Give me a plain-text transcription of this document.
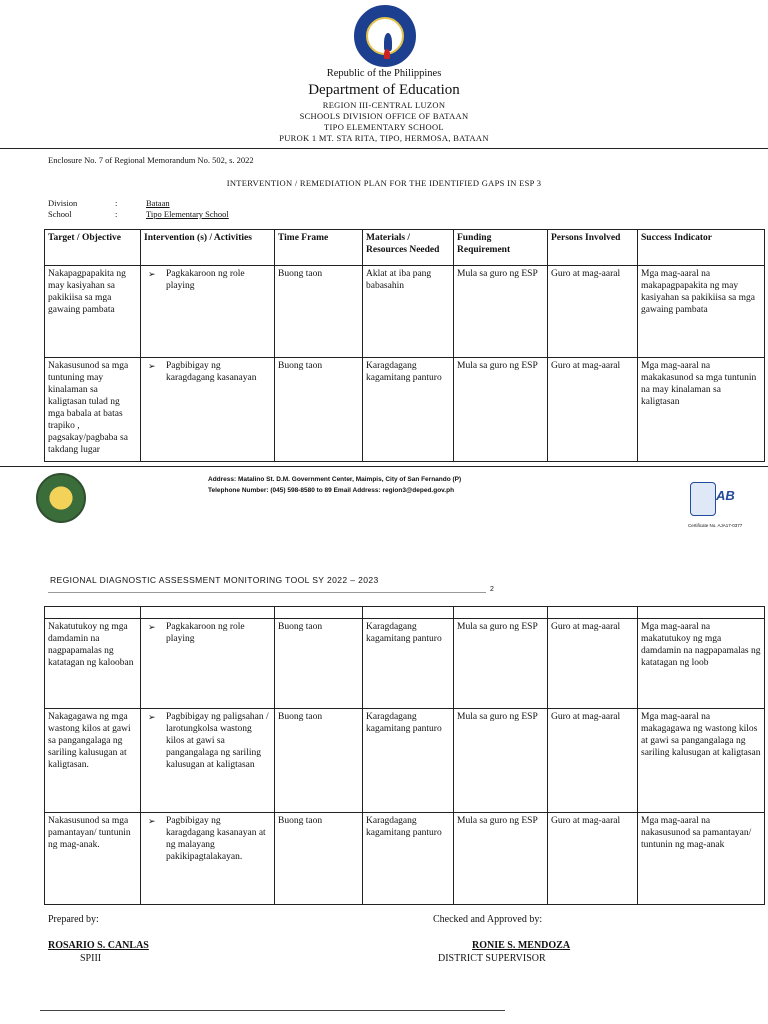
Republic of the Philippines
Department of Education
REGION III-CENTRAL LUZON
SCHOOLS DIVISION OFFICE OF BATAAN
TIPO ELEMENTARY SCHOOL
PUROK 1 MT. STA RITA, TIPO, HERMOSA, BATAAN
Enclosure No. 7 of Regional Memorandum No. 502, s. 2022
INTERVENTION / REMEDIATION PLAN FOR THE IDENTIFIED GAPS IN ESP 3
Division	:	Bataan
School	:	Tipo Elementary School
Target / Objective	Intervention (s) / Activities	Time Frame	Materials / Resources Needed	Funding Requirement	Persons Involved	Success Indicator
Nakapagpapakita ng may kasiyahan sa pakikiisa sa mga gawaing pambata	➢ Pagkakaroon ng role playing	Buong taon	Aklat at iba pang babasahin	Mula sa guro ng ESP	Guro at mag-aaral	Mga mag-aaral na makapagpapakita ng may kasiyahan sa pakikiisa sa mga gawaing pambata
Nakasusunod sa mga tuntuning may kinalaman sa kaligtasan tulad ng mga babala at batas trapiko , pagsakay/pagbaba sa takdang lugar	➢ Pagbibigay ng karagdagang kasanayan	Buong taon	Karagdagang kagamitang panturo	Mula sa guro ng ESP	Guro at mag-aaral	Mga mag-aaral na makakasunod sa mga tuntunin na may kinalaman sa kaligtasan
Address: Matalino St. D.M. Government Center, Maimpis, City of San Fernando (P)
Telephone Number: (045) 598-8580 to 89 Email Address: region3@deped.gov.ph	AB
Certificate No. AJA17-0377
REGIONAL DIAGNOSTIC ASSESSMENT MONITORING TOOL SY 2022 – 2023
2

Nakatutukoy ng mga damdamin na nagpapamalas ng katatagan ng kalooban	➢ Pagkakaroon ng role playing	Buong taon	Karagdagang kagamitang panturo	Mula sa guro ng ESP	Guro at mag-aaral	Mga mag-aaral na makatutukoy ng mga damdamin na nagpapamalas ng katatagan ng loob
Nakagagawa ng mga wastong kilos at gawi sa pangangalaga ng sariling kalusugan at kaligtasan.	➢ Pagbibigay ng paligsahan / larotungkolsa wastong kilos at gawi sa pangangalaga ng sariling kalusugan at kaligtasan	Buong taon	Karagdagang kagamitang panturo	Mula sa guro ng ESP	Guro at mag-aaral	Mga mag-aaral na makagagawa ng wastong kilos at gawi sa pangangalaga ng sariling kalusugan at kaligtasan
Nakasusunod sa mga pamantayan/ tuntunin ng mag-anak.	➢ Pagbibigay ng karagdagang kasanayan at ng malayang pakikipagtalakayan.	Buong taon	Karagdagang kagamitang panturo	Mula sa guro ng ESP	Guro at mag-aaral	Mga mag-aaral na nakasusunod sa pamantayan/ tuntunin ng mag-anak
Prepared by:
ROSARIO S. CANLAS
SPIII
Checked and Approved by:
RONIE S. MENDOZA
DISTRICT SUPERVISOR
